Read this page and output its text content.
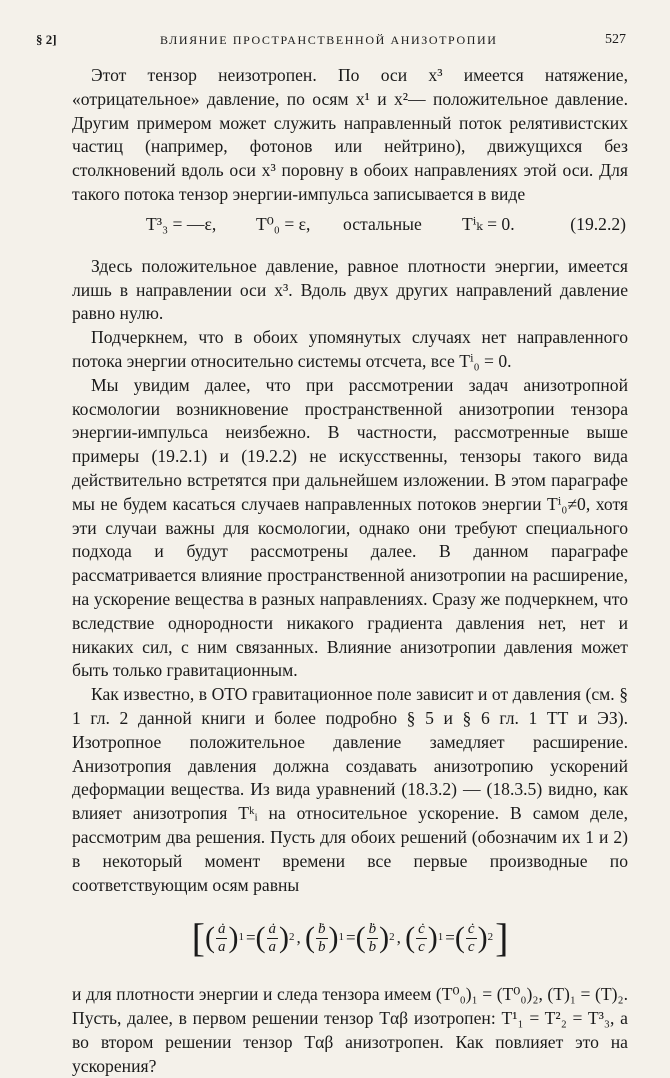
§ 2]	ВЛИЯНИЕ ПРОСТРАНСТВЕННОЙ АНИЗОТРОПИИ	527

Этот тензор неизотропен. По оси x³ имеется натяжение, «отрицательное» давление, по осям x¹ и x²— положительное давление. Другим примером может служить направленный поток релятивистских частиц (например, фотонов или нейтрино), движущихся без столкновений вдоль оси x³ поровну в обоих направлениях этой оси. Для такого потока тензор энергии-импульса записывается в виде

T³₃ = —ε, T⁰₀ = ε, остальные Tⁱₖ = 0.	(19.2.2)

Здесь положительное давление, равное плотности энергии, имеется лишь в направлении оси x³. Вдоль двух других направлений давление равно нулю.

Подчеркнем, что в обоих упомянутых случаях нет направленного потока энергии относительно системы отсчета, все Tⁱ₀ = 0.

Мы увидим далее, что при рассмотрении задач анизотропной космологии возникновение пространственной анизотропии тензора энергии-импульса неизбежно. В частности, рассмотренные выше примеры (19.2.1) и (19.2.2) не искусственны, тензоры такого вида действительно встретятся при дальнейшем изложении. В этом параграфе мы не будем касаться случаев направленных потоков энергии Tⁱ₀≠0, хотя эти случаи важны для космологии, однако они требуют специального подхода и будут рассмотрены далее. В данном параграфе рассматривается влияние пространственной анизотропии на расширение, на ускорение вещества в разных направлениях. Сразу же подчеркнем, что вследствие однородности никакого градиента давления нет, нет и никаких сил, с ним связанных. Влияние анизотропии давления может быть только гравитационным.

Как известно, в ОТО гравитационное поле зависит и от давления (см. § 1 гл. 2 данной книги и более подробно § 5 и § 6 гл. 1 ТТ и ЭЗ). Изотропное положительное давление замедляет расширение. Анизотропия давления должна создавать анизотропию ускорений деформации вещества. Из вида уравнений (18.3.2) — (18.3.5) видно, как влияет анизотропия Tᵏᵢ на относительное ускорение. В самом деле, рассмотрим два решения. Пусть для обоих решений (обозначим их 1 и 2) в некоторый момент времени все первые производные по соответствующим осям равны

[ ( $\frac{ȧ}{a}$ ) 1 = ( $\frac{ȧ}{a}$ ) 2 ,
( $\frac{\text{ḃ}}{b}$ ) 1 = ( $\frac{\text{ḃ}}{b}$ ) 2 ,
( $\frac{ċ}{c}$ ) 1 = ( $\frac{ċ}{c}$ ) 2 ]

и для плотности энергии и следа тензора имеем (T⁰₀)₁ = (T⁰₀)₂, (T)₁ = (T)₂. Пусть, далее, в первом решении тензор Tαβ изотропен: T¹₁ = T²₂ = T³₃, а во втором решении тензор Tαβ анизотропен. Как повлияет это на ускорения?
